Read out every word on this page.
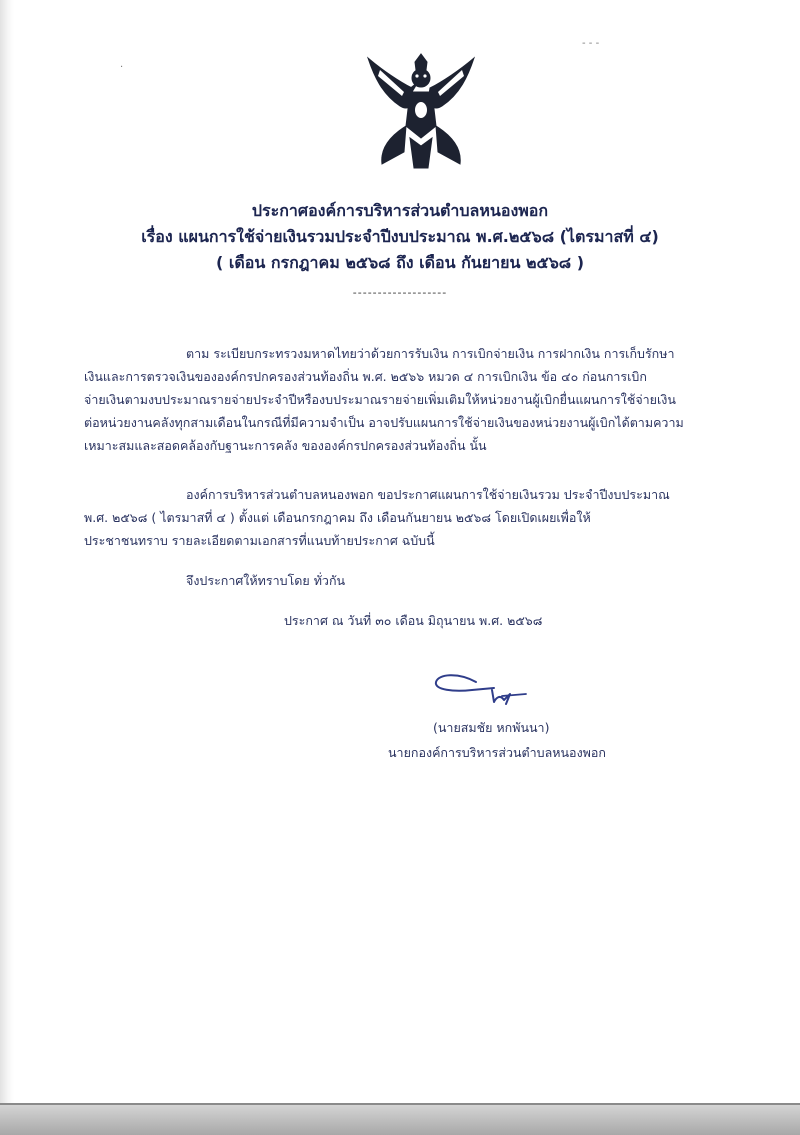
- - -
·
ประกาศองค์การบริหารส่วนตำบลหนองพอก
เรื่อง แผนการใช้จ่ายเงินรวมประจำปีงบประมาณ พ.ศ.๒๕๖๘ (ไตรมาสที่ ๔)
( เดือน กรกฎาคม ๒๕๖๘ ถึง เดือน กันยายน ๒๕๖๘ )
-------------------
ตาม ระเบียบกระทรวงมหาดไทยว่าด้วยการรับเงิน การเบิกจ่ายเงิน การฝากเงิน การเก็บรักษา
เงินและการตรวจเงินขององค์กรปกครองส่วนท้องถิ่น พ.ศ. ๒๕๖๖ หมวด ๔ การเบิกเงิน ข้อ ๔๐ ก่อนการเบิก
จ่ายเงินตามงบประมาณรายจ่ายประจำปีหรืองบประมาณรายจ่ายเพิ่มเติมให้หน่วยงานผู้เบิกยื่นแผนการใช้จ่ายเงิน
ต่อหน่วยงานคลังทุกสามเดือนในกรณีที่มีความจำเป็น อาจปรับแผนการใช้จ่ายเงินของหน่วยงานผู้เบิกได้ตามความ
เหมาะสมและสอดคล้องกับฐานะการคลัง ขององค์กรปกครองส่วนท้องถิ่น นั้น
องค์การบริหารส่วนตำบลหนองพอก ขอประกาศแผนการใช้จ่ายเงินรวม ประจำปีงบประมาณ
พ.ศ. ๒๕๖๘ ( ไตรมาสที่ ๔ ) ตั้งแต่ เดือนกรกฎาคม ถึง เดือนกันยายน ๒๕๖๘ โดยเปิดเผยเพื่อให้
ประชาชนทราบ รายละเอียดตามเอกสารที่แนบท้ายประกาศ ฉบับนี้
จึงประกาศให้ทราบโดย ทั่วกัน
ประกาศ ณ วันที่ ๓๐ เดือน มิถุนายน พ.ศ. ๒๕๖๘
(นายสมชัย หกพันนา)
นายกองค์การบริหารส่วนตำบลหนองพอก
